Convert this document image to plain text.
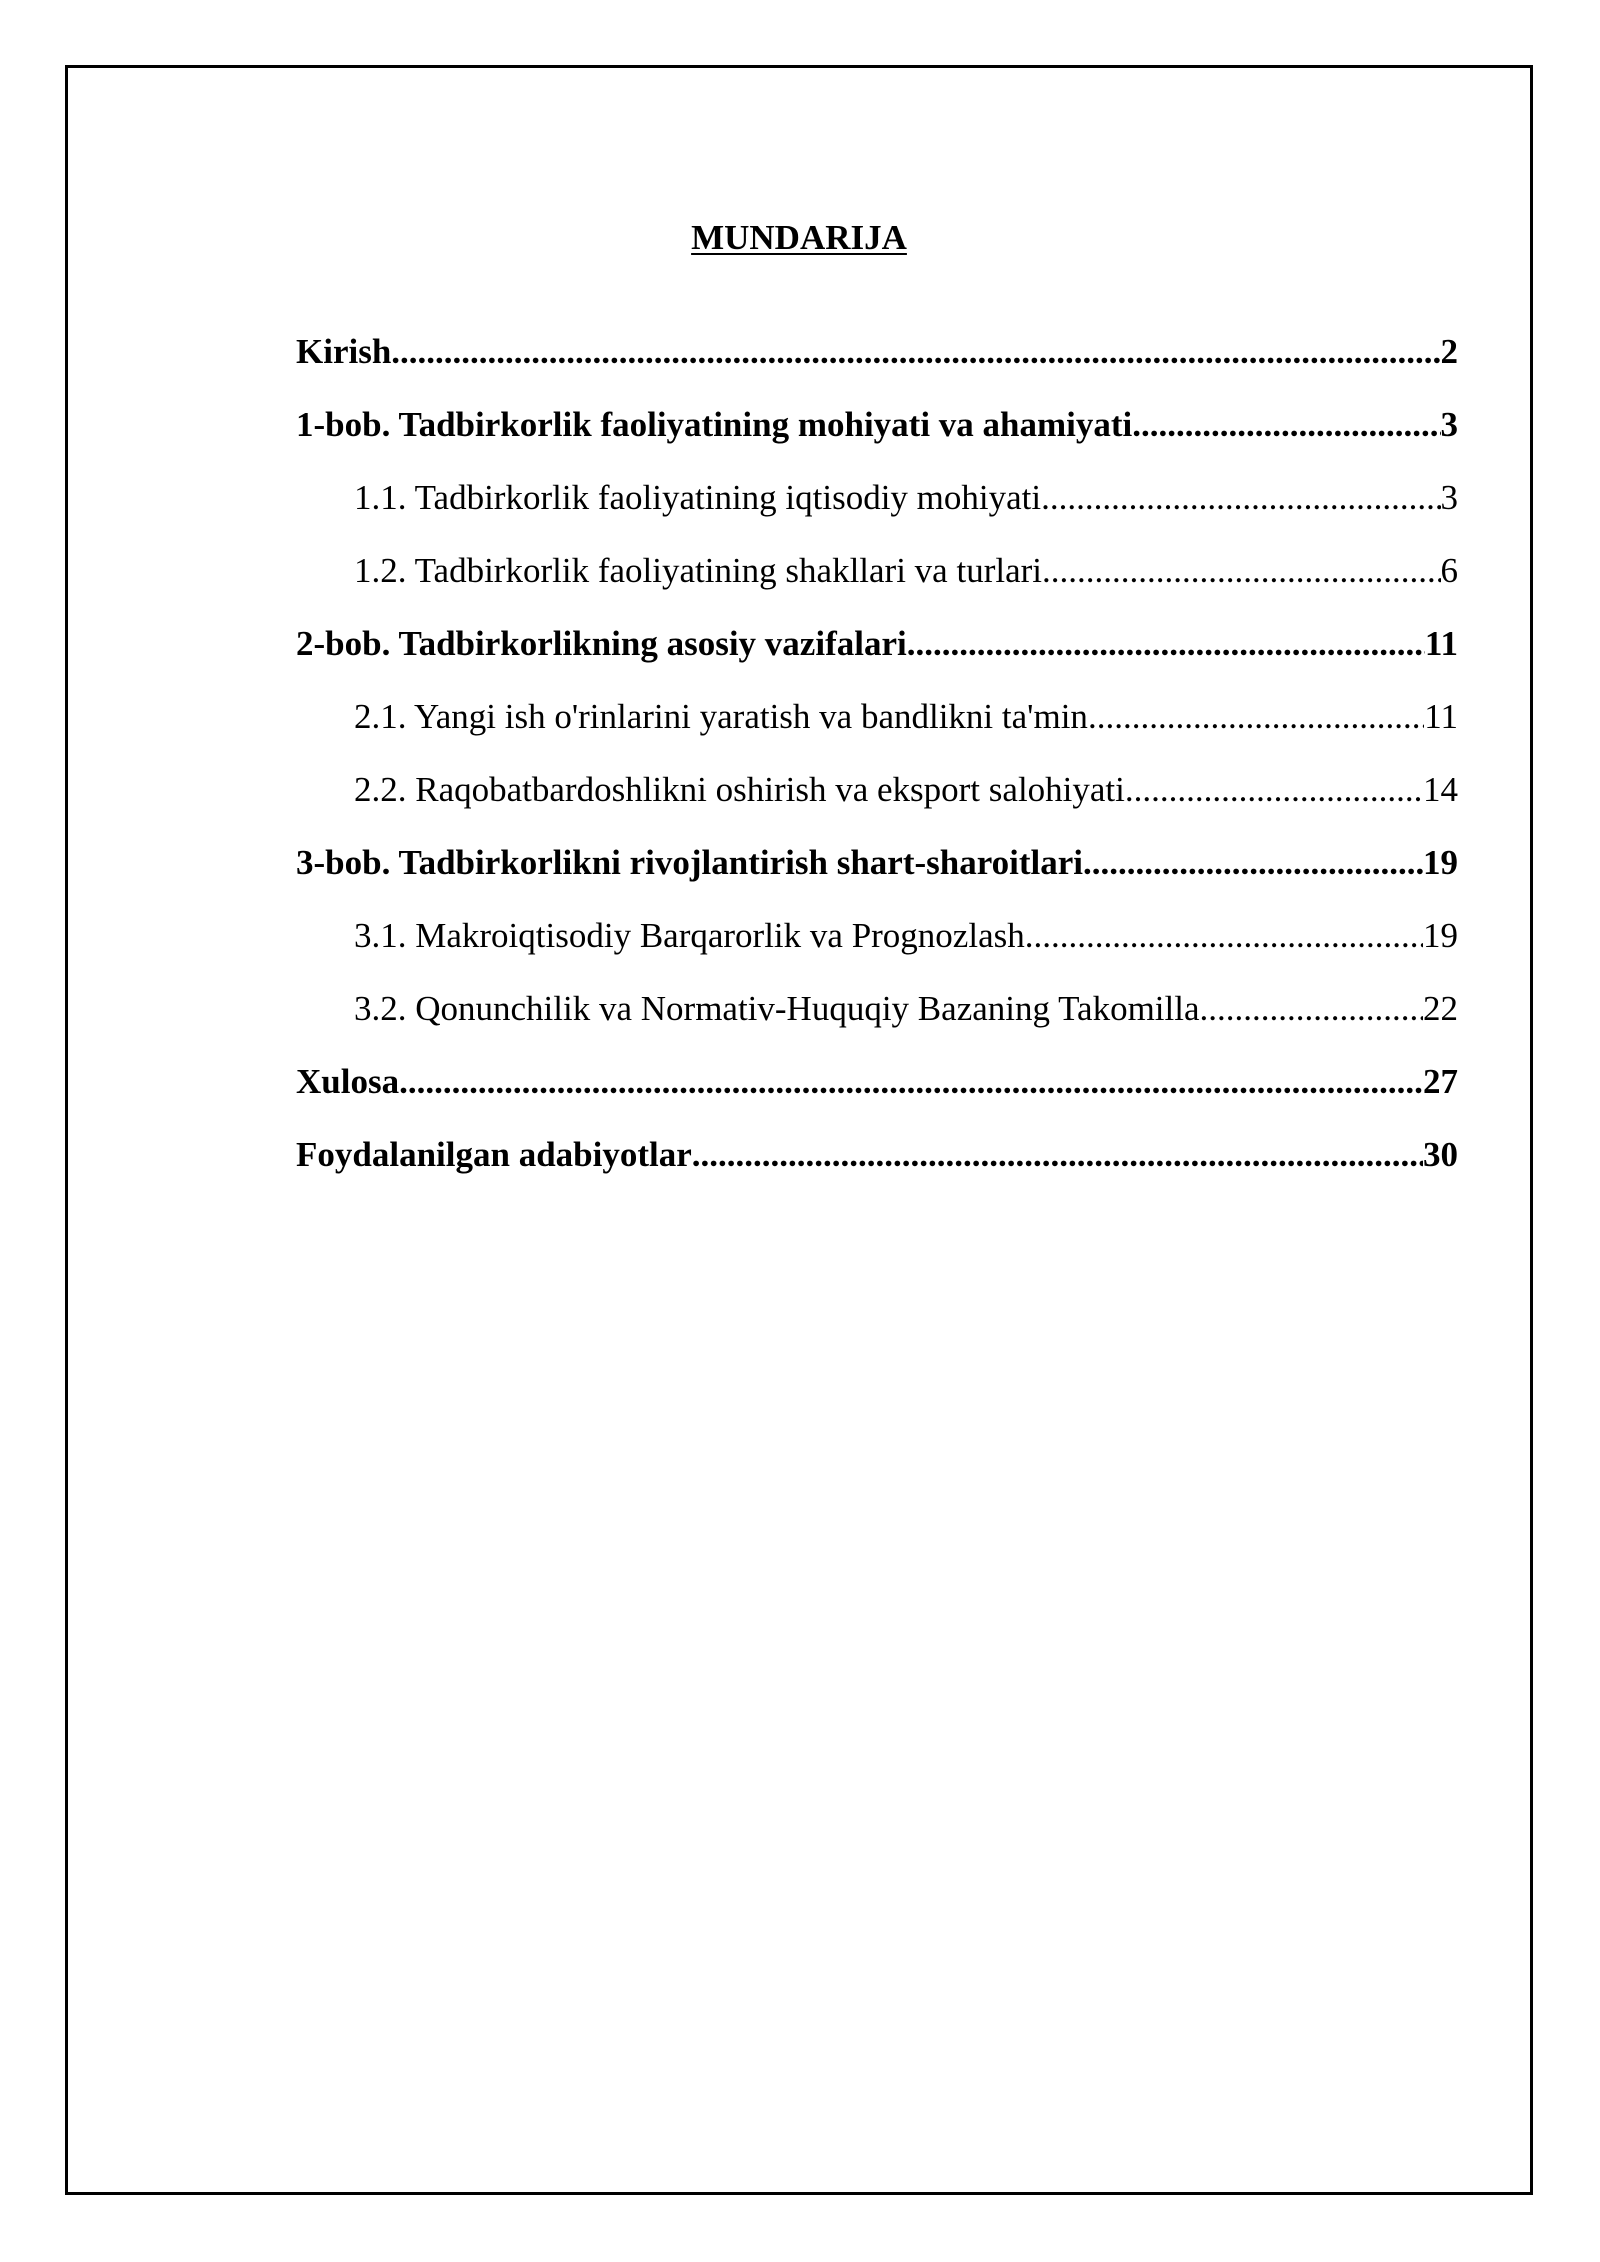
MUNDARIJA
Kirish .....	2
1-bob. Tadbirkorlik faoliyatining mohiyati va ahamiyati .....	3
1.1. Tadbirkorlik faoliyatining iqtisodiy mohiyati .....	3
1.2. Tadbirkorlik faoliyatining shakllari va turlari .....	6
2-bob. Tadbirkorlikning asosiy vazifalari .....	11
2.1. Yangi ish o'rinlarini yaratish va bandlikni ta'min .....	11
2.2. Raqobatbardoshlikni oshirish va eksport salohiyati .....	14
3-bob. Tadbirkorlikni rivojlantirish shart-sharoitlari .....	19
3.1. Makroiqtisodiy Barqarorlik va Prognozlash .....	19
3.2. Qonunchilik va Normativ-Huquqiy Bazaning Takomilla .....	22
Xulosa .....	27
Foydalanilgan adabiyotlar .....	30
